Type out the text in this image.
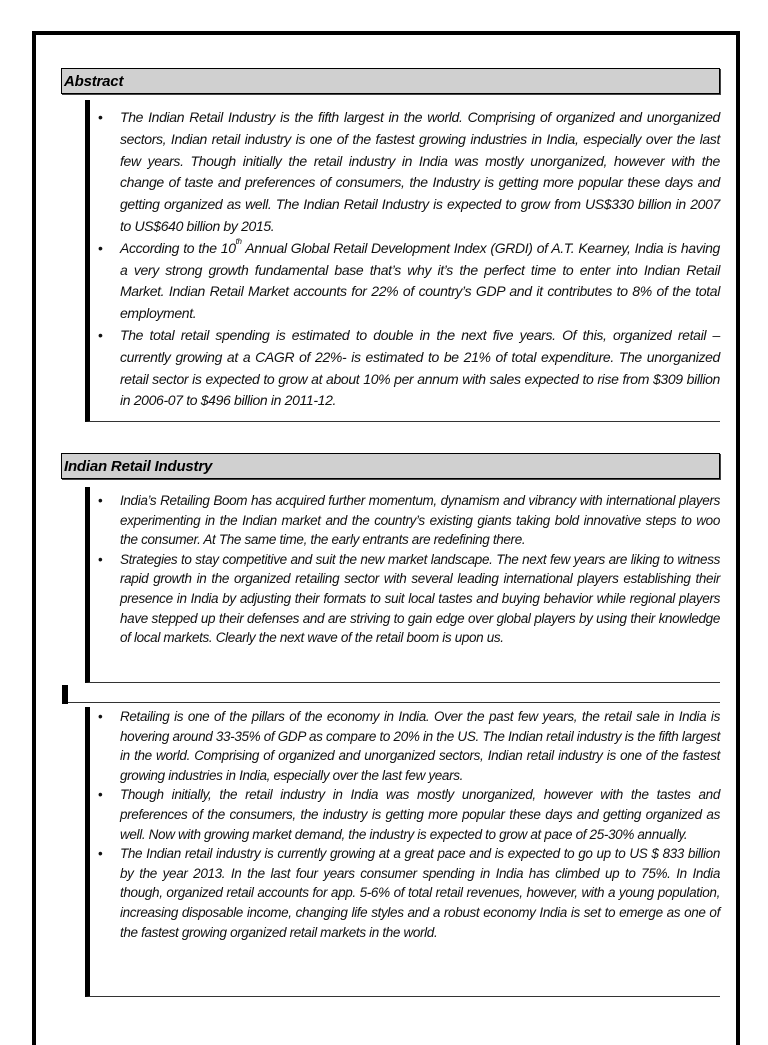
Abstract
• The Indian Retail Industry is the fifth largest in the world. Comprising of organized and unorganized sectors, Indian retail industry is one of the fastest growing industries in India, especially over the last few years. Though initially the retail industry in India was mostly unorganized, however with the change of taste and preferences of consumers, the Industry is getting more popular these days and getting organized as well. The Indian Retail Industry is expected to grow from US$330 billion in 2007 to US$640 billion by 2015.
• According to the 10th Annual Global Retail Development Index (GRDI) of A.T. Kearney, India is having a very strong growth fundamental base that’s why it’s the perfect time to enter into Indian Retail Market. Indian Retail Market accounts for 22% of country’s GDP and it contributes to 8% of the total employment.
• The total retail spending is estimated to double in the next five years. Of this, organized retail –currently growing at a CAGR of 22%- is estimated to be 21% of total expenditure. The unorganized retail sector is expected to grow at about 10% per annum with sales expected to rise from $309 billion in 2006-07 to $496 billion in 2011-12.
Indian Retail Industry
• India’s Retailing Boom has acquired further momentum, dynamism and vibrancy with international players experimenting in the Indian market and the country’s existing giants taking bold innovative steps to woo the consumer. At The same time, the early entrants are redefining there.
• Strategies to stay competitive and suit the new market landscape. The next few years are liking to witness rapid growth in the organized retailing sector with several leading international players establishing their presence in India by adjusting their formats to suit local tastes and buying behavior while regional players have stepped up their defenses and are striving to gain edge over global players by using their knowledge of local markets. Clearly the next wave of the retail boom is upon us.
• Retailing is one of the pillars of the economy in India. Over the past few years, the retail sale in India is hovering around 33-35% of GDP as compare to 20% in the US. The Indian retail industry is the fifth largest in the world. Comprising of organized and unorganized sectors, Indian retail industry is one of the fastest growing industries in India, especially over the last few years.
• Though initially, the retail industry in India was mostly unorganized, however with the tastes and preferences of the consumers, the industry is getting more popular these days and getting organized as well. Now with growing market demand, the industry is expected to grow at pace of 25-30% annually.
• The Indian retail industry is currently growing at a great pace and is expected to go up to US $ 833 billion by the year 2013. In the last four years consumer spending in India has climbed up to 75%. In India though, organized retail accounts for app. 5-6% of total retail revenues, however, with a young population, increasing disposable income, changing life styles and a robust economy India is set to emerge as one of the fastest growing organized retail markets in the world.
